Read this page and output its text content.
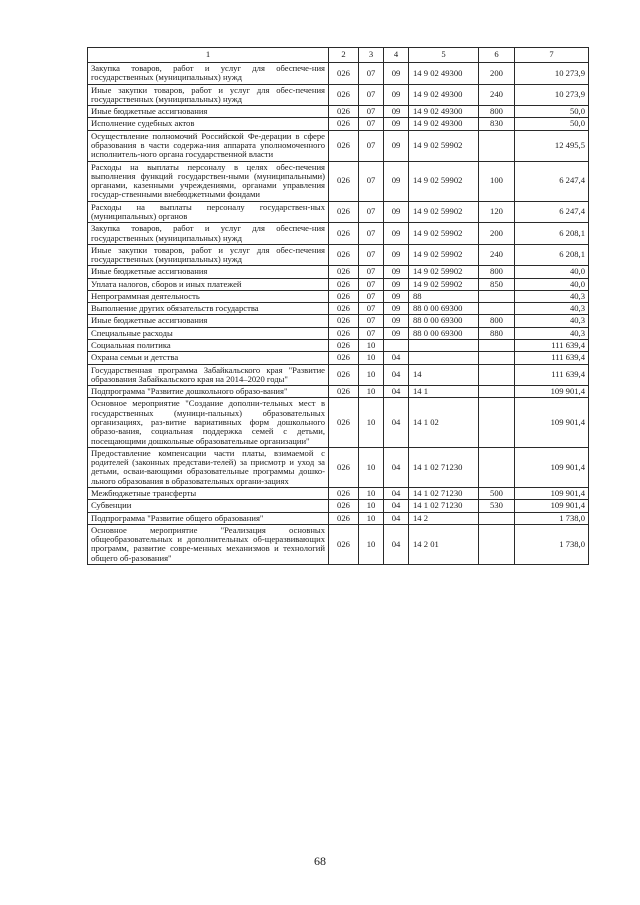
1	2	3	4	5	6	7
Закупка товаров, работ и услуг для обеспече-ния государственных (муниципальных) нужд	026	07	09	14 9 02 49300	200	10 273,9
Иные закупки товаров, работ и услуг для обес-печения государственных (муниципальных) нужд	026	07	09	14 9 02 49300	240	10 273,9
Иные бюджетные ассигнования	026	07	09	14 9 02 49300	800	50,0
Исполнение судебных актов	026	07	09	14 9 02 49300	830	50,0
Осуществление полномочий Российской Фе-дерации в сфере образования в части содержа-ния аппарата уполномоченного исполнитель-ного органа государственной власти	026	07	09	14 9 02 59902		12 495,5
Расходы на выплаты персоналу в целях обес-печения выполнения функций государствен-ными (муниципальными) органами, казенными учреждениями, органами управления государ-ственными внебюджетными фондами	026	07	09	14 9 02 59902	100	6 247,4
Расходы на выплаты персоналу государствен-ных (муниципальных) органов	026	07	09	14 9 02 59902	120	6 247,4
Закупка товаров, работ и услуг для обеспече-ния государственных (муниципальных) нужд	026	07	09	14 9 02 59902	200	6 208,1
Иные закупки товаров, работ и услуг для обес-печения государственных (муниципальных) нужд	026	07	09	14 9 02 59902	240	6 208,1
Иные бюджетные ассигнования	026	07	09	14 9 02 59902	800	40,0
Уплата налогов, сборов и иных платежей	026	07	09	14 9 02 59902	850	40,0
Непрограммная деятельность	026	07	09	88		40,3
Выполнение других обязательств государства	026	07	09	88 0 00 69300		40,3
Иные бюджетные ассигнования	026	07	09	88 0 00 69300	800	40,3
Специальные расходы	026	07	09	88 0 00 69300	880	40,3
Социальная политика	026	10				111 639,4
Охрана семьи и детства	026	10	04			111 639,4
Государственная программа Забайкальского края "Развитие образования Забайкальского края на 2014–2020 годы"	026	10	04	14		111 639,4
Подпрограмма "Развитие дошкольного образо-вания"	026	10	04	14 1		109 901,4
Основное мероприятие "Создание дополни-тельных мест в государственных (муници-пальных) образовательных организациях, раз-витие вариативных форм дошкольного образо-вания, социальная поддержка семей с детьми, посещающими дошкольные образовательные организации"	026	10	04	14 1 02		109 901,4
Предоставление компенсации части платы, взимаемой с родителей (законных представи-телей) за присмотр и уход за детьми, осваи-вающими образовательные программы дошко-льного образования в образовательных органи-зациях	026	10	04	14 1 02 71230		109 901,4
Межбюджетные трансферты	026	10	04	14 1 02 71230	500	109 901,4
Субвенции	026	10	04	14 1 02 71230	530	109 901,4
Подпрограмма "Развитие общего образования"	026	10	04	14 2		1 738,0
Основное мероприятие "Реализация основных общеобразовательных и дополнительных об-щеразвивающих программ, развитие совре-менных механизмов и технологий общего об-разования"	026	10	04	14 2 01		1 738,0
68
